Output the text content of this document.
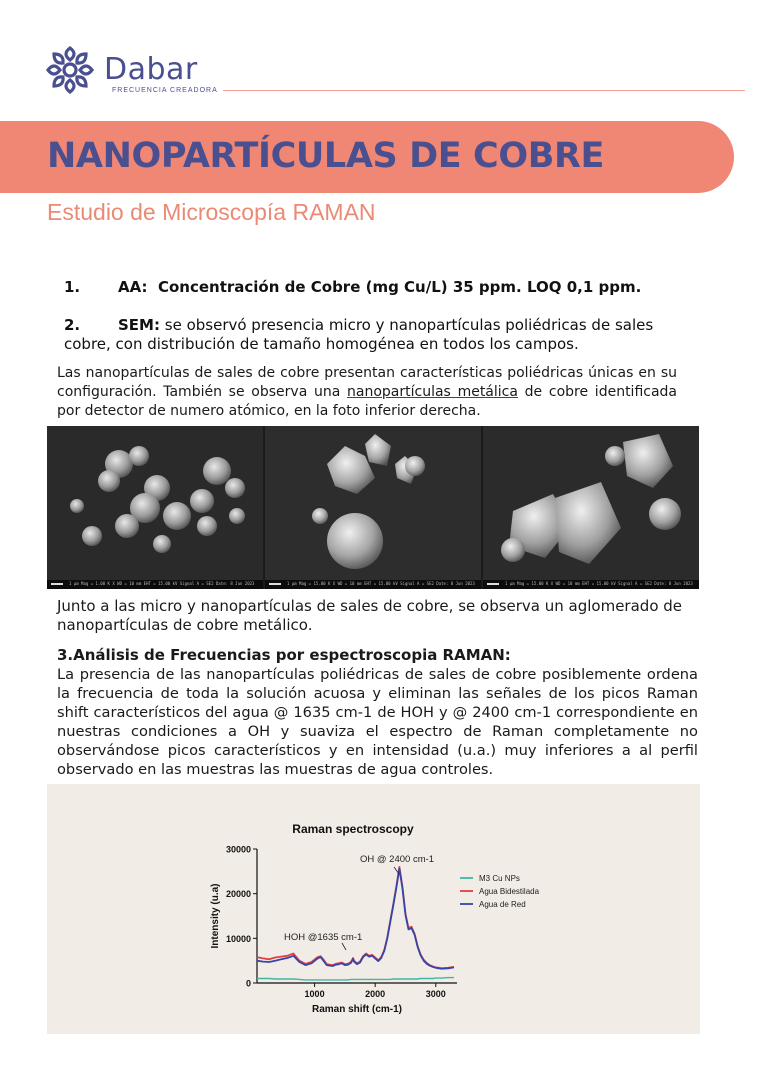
Dabar
FRECUENCIA CREADORA
NANOPARTÍCULAS DE COBRE
Estudio de Microscopía RAMAN
1.	AA: Concentración de Cobre (mg Cu/L) 35 ppm. LOQ 0,1 ppm.
2.	SEM: se observó presencia micro y nanopartículas poliédricas de sales cobre, con distribución de tamaño homogénea en todos los campos.
Las nanopartículas de sales de cobre presentan características poliédricas únicas en su configuración. También se observa una nanopartículas metálica de cobre identificada por detector de numero atómico, en la foto inferior derecha.
1 µm Mag = 1.00 K X WD = 10 mm EHT = 15.00 kV Signal A = SE2 Date: 8 Jun 2023	1 µm Mag = 15.00 K X WD = 10 mm EHT = 15.00 kV Signal A = SE2 Date: 8 Jun 2023	1 µm Mag = 15.00 K X WD = 10 mm EHT = 15.00 kV Signal A = SE2 Date: 8 Jun 2023
Junto a las micro y nanopartículas de sales de cobre, se observa un aglomerado de nanopartículas de cobre metálico.
3.Análisis de Frecuencias por espectroscopia RAMAN:
La presencia de las nanopartículas poliédricas de sales de cobre posiblemente ordena la frecuencia de toda la solución acuosa y eliminan las señales de los picos Raman shift característicos del agua @ 1635 cm-1 de HOH y @ 2400 cm-1 correspondiente en nuestras condiciones a OH y suaviza el espectro de Raman completamente no observándose picos característicos y en intensidad (u.a.) muy inferiores a al perfil observado en las muestras las muestras de agua controles.
Raman spectroscopy
Intensity (u.a)
Raman shift (cm-1)
0
10000
20000
30000
1000	2000	3000
OH @ 2400 cm-1
HOH @1635 cm-1
M3 Cu NPs
Agua Bidestilada
Agua de Red
